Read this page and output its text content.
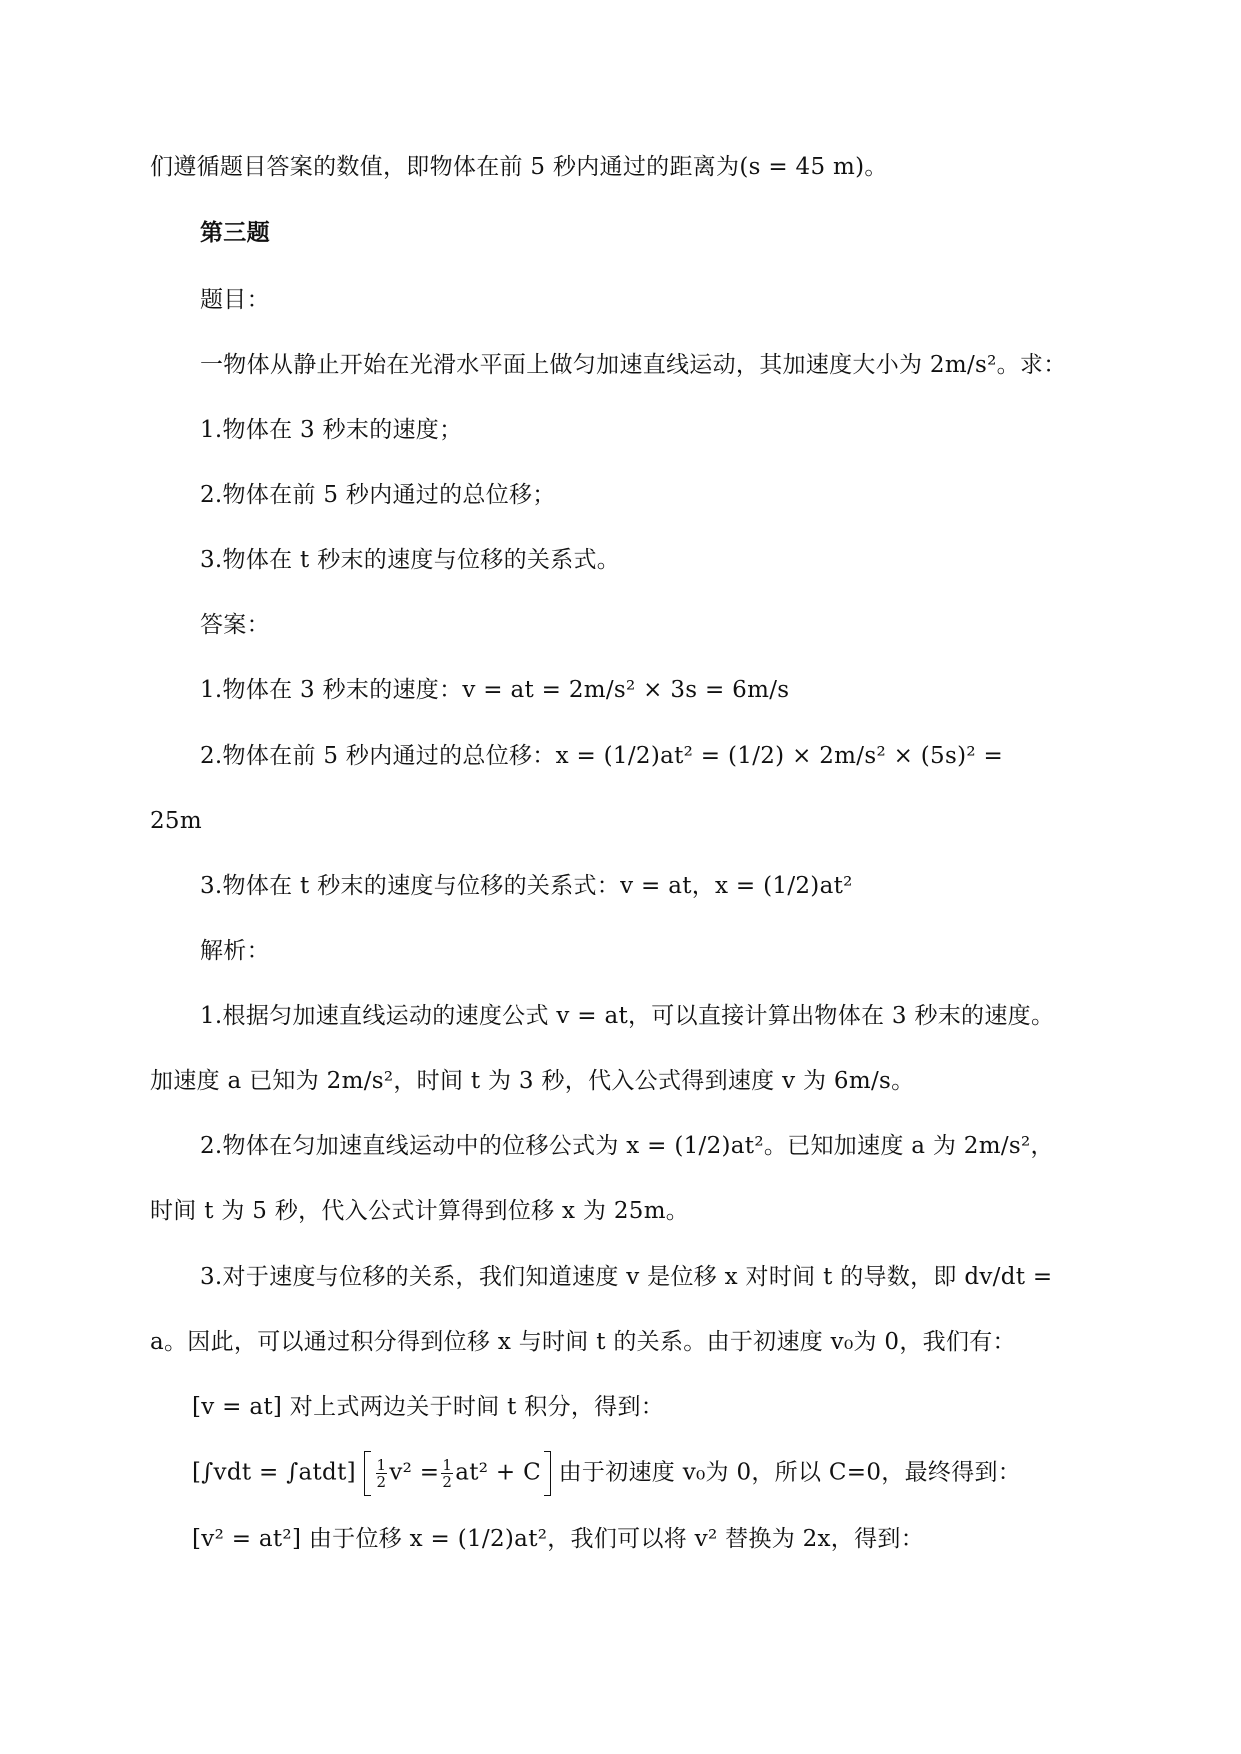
们遵循题目答案的数值，即物体在前 5 秒内通过的距离为(s = 45 m)。
第三题
题目：
一物体从静止开始在光滑水平面上做匀加速直线运动，其加速度大小为 2m/s²。求：
1.物体在 3 秒末的速度；
2.物体在前 5 秒内通过的总位移；
3.物体在 t 秒末的速度与位移的关系式。
答案：
1.物体在 3 秒末的速度：v = at = 2m/s² × 3s = 6m/s
2.物体在前 5 秒内通过的总位移：x = (1/2)at² = (1/2) × 2m/s² × (5s)² =
25m
3.物体在 t 秒末的速度与位移的关系式：v = at，x = (1/2)at²
解析：
1.根据匀加速直线运动的速度公式 v = at，可以直接计算出物体在 3 秒末的速度。
加速度 a 已知为 2m/s²，时间 t 为 3 秒，代入公式得到速度 v 为 6m/s。
2.物体在匀加速直线运动中的位移公式为 x = (1/2)at²。已知加速度 a 为 2m/s²，
时间 t 为 5 秒，代入公式计算得到位移 x 为 25m。
3.对于速度与位移的关系，我们知道速度 v 是位移 x 对时间 t 的导数，即 dv/dt =
a。因此，可以通过积分得到位移 x 与时间 t 的关系。由于初速度 v₀为 0，我们有：
[v = at] 对上式两边关于时间 t 积分，得到：
[∫vdt = ∫atdt] $\frac{1}{2} v^2 = \frac{1}{2} at^2 + C$ 由于初速度 v₀为 0，所以 C=0，最终得到：
[v² = at²] 由于位移 x = (1/2)at²，我们可以将 v² 替换为 2x，得到：
